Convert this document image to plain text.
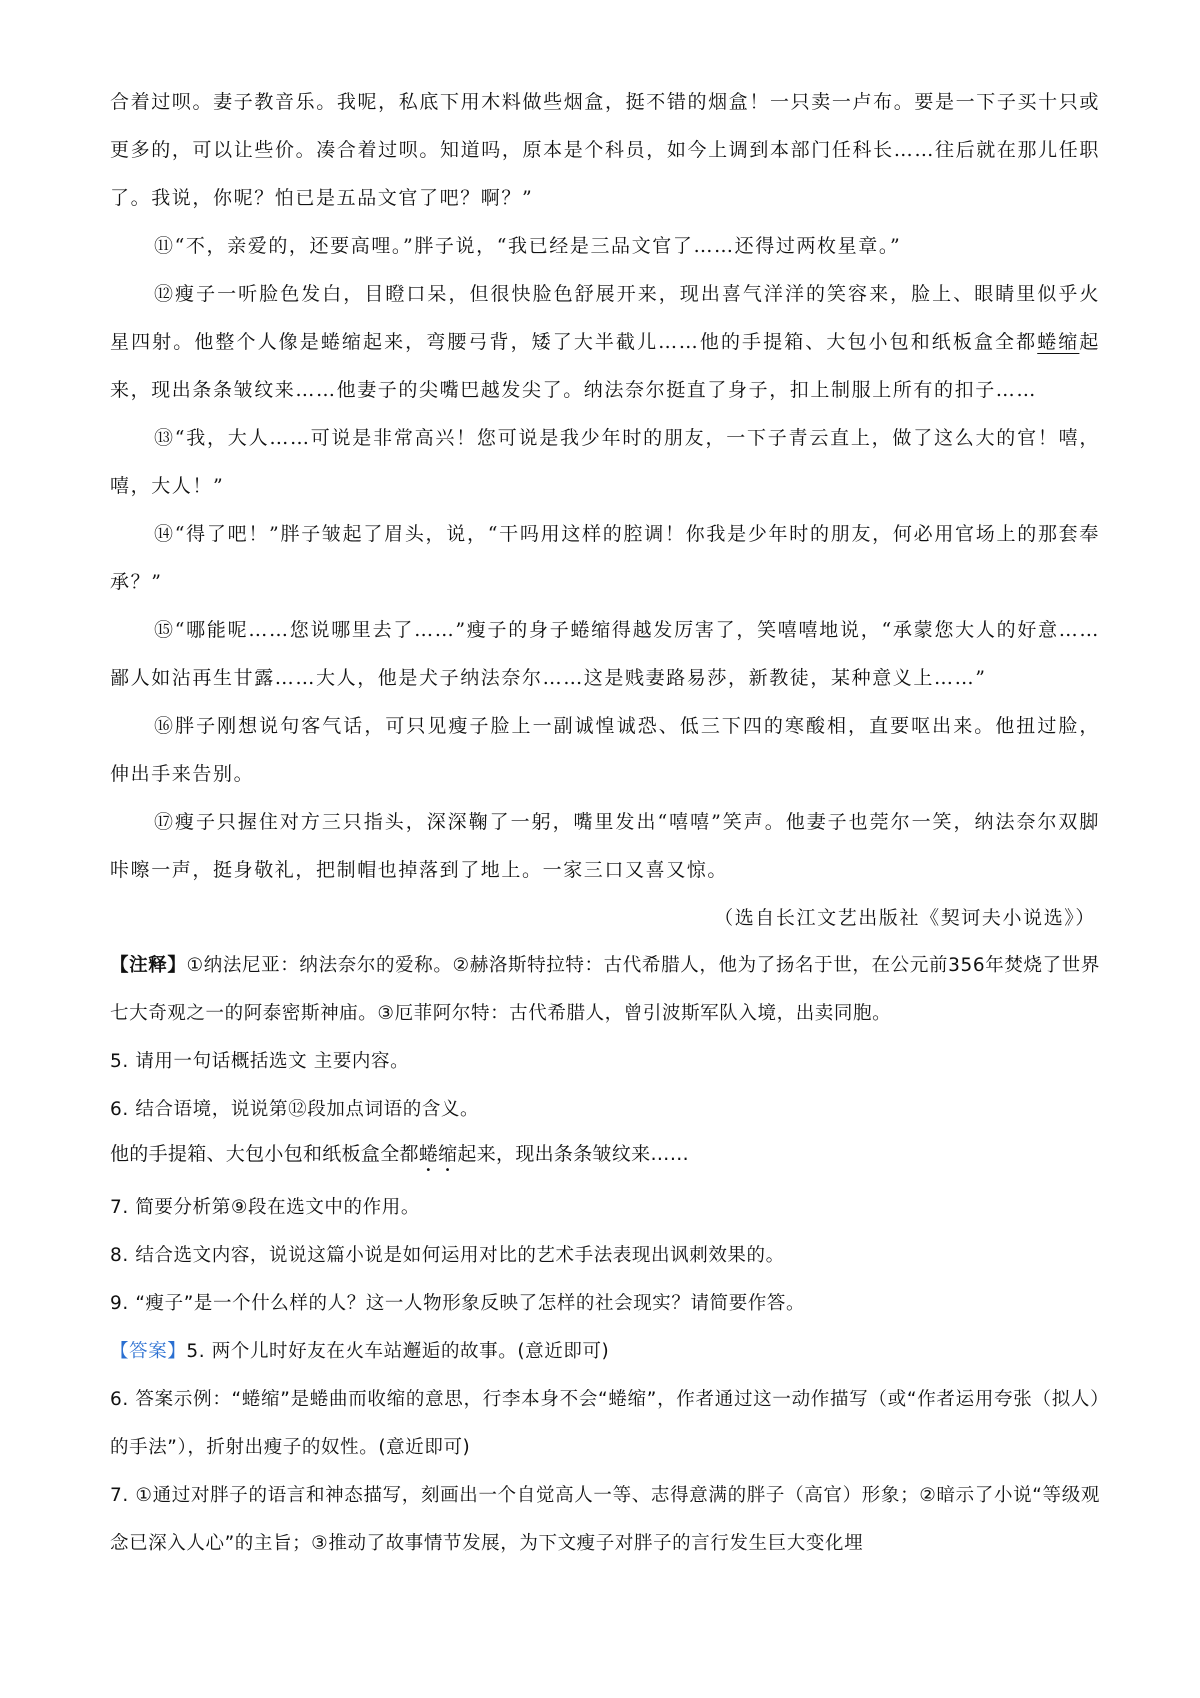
合着过呗。妻子教音乐。我呢，私底下用木料做些烟盒，挺不错的烟盒！一只卖一卢布。要是一下子买十只或更多的，可以让些价。凑合着过呗。知道吗，原本是个科员，如今上调到本部门任科长……往后就在那儿任职了。我说，你呢？怕已是五品文官了吧？啊？”

⑪“不，亲爱的，还要高哩。”胖子说，“我已经是三品文官了……还得过两枚星章。”

⑫瘦子一听脸色发白，目瞪口呆，但很快脸色舒展开来，现出喜气洋洋的笑容来，脸上、眼睛里似乎火星四射。他整个人像是蜷缩起来，弯腰弓背，矮了大半截儿……他的手提箱、大包小包和纸板盒全都蜷缩起来，现出条条皱纹来……他妻子的尖嘴巴越发尖了。纳法奈尔挺直了身子，扣上制服上所有的扣子……

⑬“我，大人……可说是非常高兴！您可说是我少年时的朋友，一下子青云直上，做了这么大的官！嘻，嘻，大人！”

⑭“得了吧！”胖子皱起了眉头，说，“干吗用这样的腔调！你我是少年时的朋友，何必用官场上的那套奉承？”

⑮“哪能呢……您说哪里去了……”瘦子的身子蜷缩得越发厉害了，笑嘻嘻地说，“承蒙您大人的好意……鄙人如沾再生甘露……大人，他是犬子纳法奈尔……这是贱妻路易莎，新教徒，某种意义上……”

⑯胖子刚想说句客气话，可只见瘦子脸上一副诚惶诚恐、低三下四的寒酸相，直要呕出来。他扭过脸，伸出手来告别。

⑰瘦子只握住对方三只指头，深深鞠了一躬，嘴里发出“嘻嘻”笑声。他妻子也莞尔一笑，纳法奈尔双脚咔嚓一声，挺身敬礼，把制帽也掉落到了地上。一家三口又喜又惊。

（选自长江文艺出版社《契诃夫小说选》）

【注释】①纳法尼亚：纳法奈尔的爱称。②赫洛斯特拉特：古代希腊人，他为了扬名于世，在公元前356年焚烧了世界七大奇观之一的阿泰密斯神庙。③厄菲阿尔特：古代希腊人，曾引波斯军队入境，出卖同胞。

5. 请用一句话概括选文 主要内容。

6. 结合语境，说说第⑫段加点词语的含义。

他的手提箱、大包小包和纸板盒全都蜷缩起来，现出条条皱纹来……

7. 简要分析第⑨段在选文中的作用。

8. 结合选文内容，说说这篇小说是如何运用对比的艺术手法表现出讽刺效果的。

9. “瘦子”是一个什么样的人？这一人物形象反映了怎样的社会现实？请简要作答。

【答案】5. 两个儿时好友在火车站邂逅的故事。(意近即可)

6. 答案示例：“蜷缩”是蜷曲而收缩的意思，行李本身不会“蜷缩”，作者通过这一动作描写（或“作者运用夸张（拟人）的手法”），折射出瘦子的奴性。(意近即可)

7. ①通过对胖子的语言和神态描写，刻画出一个自觉高人一等、志得意满的胖子（高官）形象；②暗示了小说“等级观念已深入人心”的主旨；③推动了故事情节发展，为下文瘦子对胖子的言行发生巨大变化埋
